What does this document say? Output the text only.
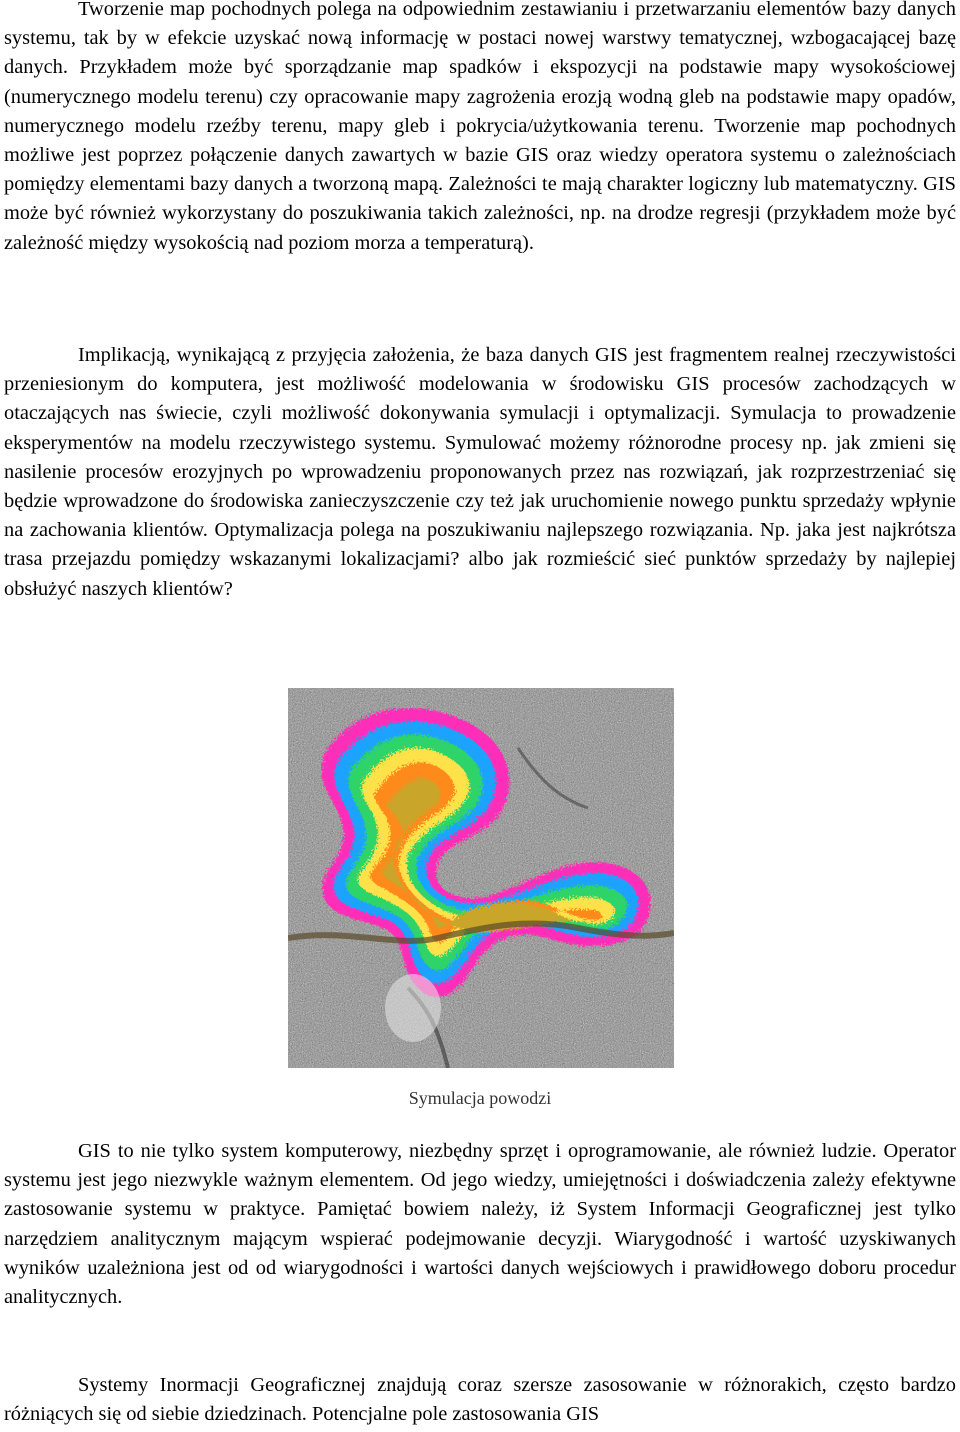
Tworzenie map pochodnych polega na odpowiednim zestawianiu i przetwarzaniu elementów bazy danych systemu, tak by w efekcie uzyskać nową informację w postaci nowej warstwy tematycznej, wzbogacającej bazę danych. Przykładem może być sporządzanie map spadków i ekspozycji na podstawie mapy wysokościowej (numerycznego modelu terenu) czy opracowanie mapy zagrożenia erozją wodną gleb na podstawie mapy opadów, numerycznego modelu rzeźby terenu, mapy gleb i pokrycia/użytkowania terenu. Tworzenie map pochodnych możliwe jest poprzez połączenie danych zawartych w bazie GIS oraz wiedzy operatora systemu o zależnościach pomiędzy elementami bazy danych a tworzoną mapą. Zależności te mają charakter logiczny lub matematyczny. GIS może być również wykorzystany do poszukiwania takich zależności, np. na drodze regresji (przykładem może być zależność między wysokością nad poziom morza a temperaturą).

Implikacją, wynikającą z przyjęcia założenia, że baza danych GIS jest fragmentem realnej rzeczywistości przeniesionym do komputera, jest możliwość modelowania w środowisku GIS procesów zachodzących w otaczających nas świecie, czyli możliwość dokonywania symulacji i optymalizacji. Symulacja to prowadzenie eksperymentów na modelu rzeczywistego systemu. Symulować możemy różnorodne procesy np. jak zmieni się nasilenie procesów erozyjnych po wprowadzeniu proponowanych przez nas rozwiązań, jak rozprzestrzeniać się będzie wprowadzone do środowiska zanieczyszczenie czy też jak uruchomienie nowego punktu sprzedaży wpłynie na zachowania klientów. Optymalizacja polega na poszukiwaniu najlepszego rozwiązania. Np. jaka jest najkrótsza trasa przejazdu pomiędzy wskazanymi lokalizacjami? albo jak rozmieścić sieć punktów sprzedaży by najlepiej obsłużyć naszych klientów?

Symulacja powodzi

GIS to nie tylko system komputerowy, niezbędny sprzęt i oprogramowanie, ale również ludzie. Operator systemu jest jego niezwykle ważnym elementem. Od jego wiedzy, umiejętności i doświadczenia zależy efektywne zastosowanie systemu w praktyce. Pamiętać bowiem należy, iż System Informacji Geograficznej jest tylko narzędziem analitycznym mającym wspierać podejmowanie decyzji. Wiarygodność i wartość uzyskiwanych wyników uzależniona jest od od wiarygodności i wartości danych wejściowych i prawidłowego doboru procedur analitycznych.

Systemy Inormacji Geograficznej znajdują coraz szersze zasosowanie w różnorakich, często bardzo różniących się od siebie dziedzinach. Potencjalne pole zastosowania GIS
